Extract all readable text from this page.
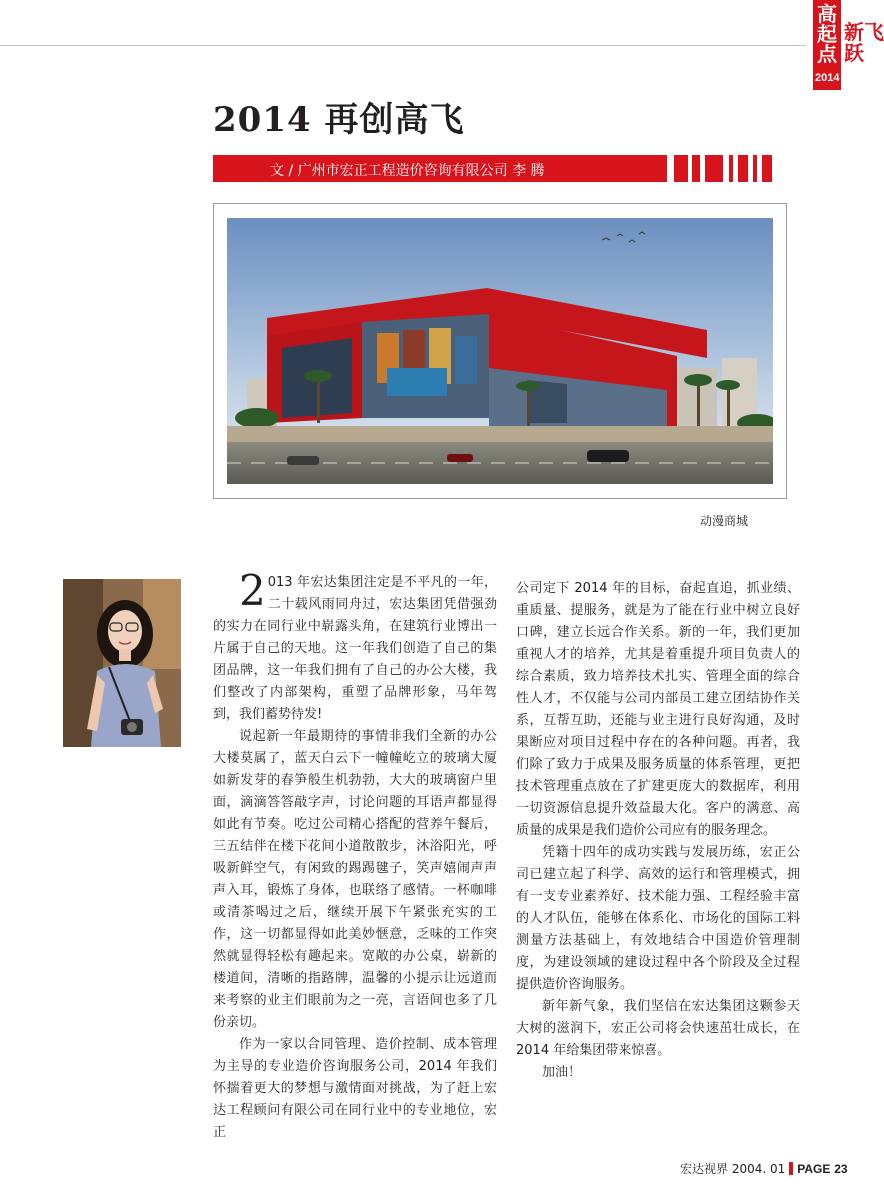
高起点
新飞跃
2014
2014 再创高飞
文 / 广州市宏正工程造价咨询有限公司 李 腾
动漫商城

2 013 年宏达集团注定是不平凡的一年，二十载风雨同舟过，宏达集团凭借强劲的实力在同行业中崭露头角，在建筑行业博出一片属于自己的天地。这一年我们创造了自己的集团品牌，这一年我们拥有了自己的办公大楼，我们整改了内部架构，重塑了品牌形象，马年驾到，我们蓄势待发!

说起新一年最期待的事情非我们全新的办公大楼莫属了，蓝天白云下一幢幢屹立的玻璃大厦如新发芽的春笋般生机勃勃，大大的玻璃窗户里面，滴滴答答敲字声，讨论问题的耳语声都显得如此有节奏。吃过公司精心搭配的营养午餐后，三五结伴在楼下花间小道散散步，沐浴阳光，呼吸新鲜空气，有闲致的踢踢毽子，笑声嬉闹声声声入耳，锻炼了身体，也联络了感情。一杯咖啡或清茶喝过之后，继续开展下午紧张充实的工作，这一切都显得如此美妙惬意，乏味的工作突然就显得轻松有趣起来。宽敞的办公桌，崭新的楼道间，清晰的指路牌，温馨的小提示让远道而来考察的业主们眼前为之一亮，言语间也多了几份亲切。

作为一家以合同管理、造价控制、成本管理为主导的专业造价咨询服务公司，2014 年我们怀揣着更大的梦想与激情面对挑战，为了赶上宏达工程顾问有限公司在同行业中的专业地位，宏正

公司定下 2014 年的目标，奋起直追，抓业绩、重质量、提服务，就是为了能在行业中树立良好口碑，建立长远合作关系。新的一年，我们更加重视人才的培养，尤其是着重提升项目负责人的综合素质，致力培养技术扎实、管理全面的综合性人才，不仅能与公司内部员工建立团结协作关系，互帮互助，还能与业主进行良好沟通，及时果断应对项目过程中存在的各种问题。再者，我们除了致力于成果及服务质量的体系管理，更把技术管理重点放在了扩建更庞大的数据库，利用一切资源信息提升效益最大化。客户的满意、高质量的成果是我们造价公司应有的服务理念。

凭籍十四年的成功实践与发展历练，宏正公司已建立起了科学、高效的运行和管理模式，拥有一支专业素养好、技术能力强、工程经验丰富的人才队伍，能够在体系化、市场化的国际工料测量方法基础上，有效地结合中国造价管理制度，为建设领域的建设过程中各个阶段及全过程提供造价咨询服务。

新年新气象，我们坚信在宏达集团这颗参天大树的滋润下，宏正公司将会快速茁壮成长，在 2014 年给集团带来惊喜。

加油！

宏达视界 2004. 01 PAGE 23
